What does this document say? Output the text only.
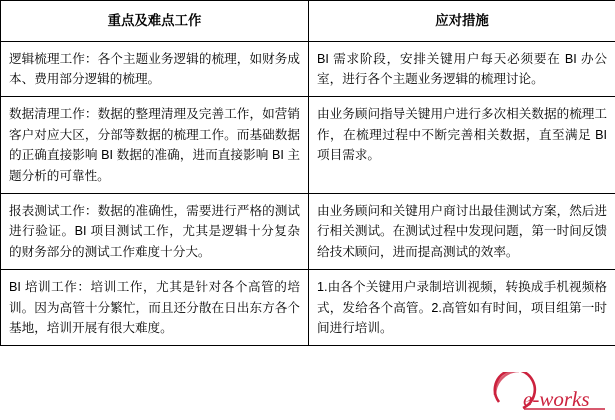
重点及难点工作	应对措施

逻辑梳理工作：各个主题业务逻辑的梳理，如财务成本、费用部分逻辑的梳理。	BI 需求阶段，安排关键用户每天必须要在 BI 办公室，进行各个主题业务逻辑的梳理讨论。

数据清理工作：数据的整理清理及完善工作，如营销客户对应大区，分部等数据的梳理工作。而基础数据的正确直接影响 BI 数据的准确，进而直接影响 BI 主题分析的可靠性。	由业务顾问指导关键用户进行多次相关数据的梳理工作，在梳理过程中不断完善相关数据，直至满足 BI 项目需求。

报表测试工作：数据的准确性，需要进行严格的测试进行验证。BI 项目测试工作，尤其是逻辑十分复杂的财务部分的测试工作难度十分大。	由业务顾问和关键用户商讨出最佳测试方案，然后进行相关测试。在测试过程中发现问题，第一时间反馈给技术顾问，进而提高测试的效率。

BI 培训工作：培训工作，尤其是针对各个高管的培训。因为高管十分繁忙，而且还分散在日出东方各个基地，培训开展有很大难度。	1.由各个关键用户录制培训视频，转换成手机视频格式，发给各个高管。2.高管如有时间，项目组第一时间进行培训。
e-works
